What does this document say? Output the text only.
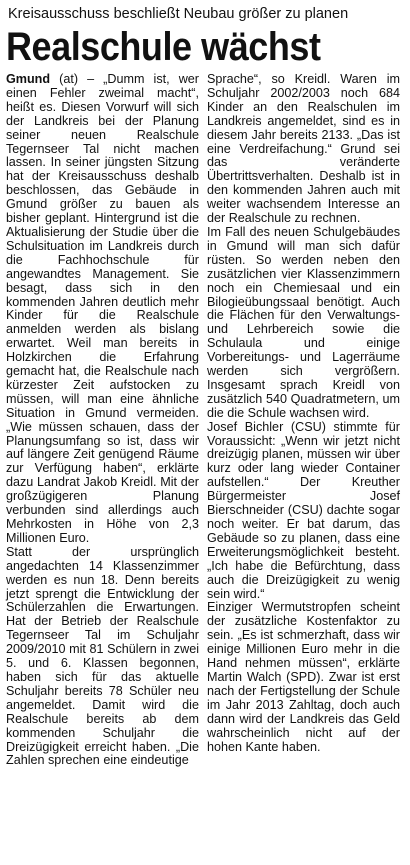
Kreisausschuss beschließt Neubau größer zu planen
Realschule wächst

Gmund (at) – „Dumm ist, wer einen Fehler zweimal macht“, heißt es. Diesen Vorwurf will sich der Landkreis bei der Planung seiner neuen Realschule Tegernseer Tal nicht machen lassen. In seiner jüngsten Sitzung hat der Kreisausschuss deshalb beschlossen, das Gebäude in Gmund größer zu bauen als bisher geplant. Hintergrund ist die Aktualisierung der Studie über die Schulsituation im Landkreis durch die Fachhochschule für angewandtes Management. Sie besagt, dass sich in den kommenden Jahren deutlich mehr Kinder für die Realschule anmelden werden als bislang erwartet. Weil man bereits in Holzkirchen die Erfahrung gemacht hat, die Realschule nach kürzester Zeit aufstocken zu müssen, will man eine ähnliche Situation in Gmund vermeiden. „Wie müssen schauen, dass der Planungsumfang so ist, dass wir auf längere Zeit genügend Räume zur Verfügung haben“, erklärte dazu Landrat Jakob Kreidl. Mit der großzügigeren Planung verbunden sind allerdings auch Mehrkosten in Höhe von 2,3 Millionen Euro.

Statt der ursprünglich angedachten 14 Klassenzimmer werden es nun 18. Denn bereits jetzt sprengt die Entwicklung der Schülerzahlen die Erwartungen. Hat der Betrieb der Realschule Tegernseer Tal im Schuljahr 2009/2010 mit 81 Schülern in zwei 5. und 6. Klassen begonnen, haben sich für das aktuelle Schuljahr bereits 78 Schüler neu angemeldet. Damit wird die Realschule bereits ab dem kommenden Schuljahr die Dreizügigkeit erreicht haben. „Die Zahlen sprechen eine eindeutige

Sprache“, so Kreidl. Waren im Schuljahr 2002/2003 noch 684 Kinder an den Realschulen im Landkreis angemeldet, sind es in diesem Jahr bereits 2133. „Das ist eine Verdreifachung.“ Grund sei das veränderte Übertrittsverhalten. Deshalb ist in den kommenden Jahren auch mit weiter wachsendem Interesse an der Realschule zu rechnen.

Im Fall des neuen Schulgebäudes in Gmund will man sich dafür rüsten. So werden neben den zusätzlichen vier Klassenzimmern noch ein Chemiesaal und ein Bilogieübungssaal benötigt. Auch die Flächen für den Verwaltungs- und Lehrbereich sowie die Schulaula und einige Vorbereitungs- und Lagerräume werden sich vergrößern. Insgesamt sprach Kreidl von zusätzlich 540 Quadratmetern, um die die Schule wachsen wird.

Josef Bichler (CSU) stimmte für Voraussicht: „Wenn wir jetzt nicht dreizügig planen, müssen wir über kurz oder lang wieder Container aufstellen.“ Der Kreuther Bürgermeister Josef Bierschneider (CSU) dachte sogar noch weiter. Er bat darum, das Gebäude so zu planen, dass eine Erweiterungsmöglichkeit besteht. „Ich habe die Befürchtung, dass auch die Dreizügigkeit zu wenig sein wird.“

Einziger Wermutstropfen scheint der zusätzliche Kostenfaktor zu sein. „Es ist schmerzhaft, dass wir einige Millionen Euro mehr in die Hand nehmen müssen“, erklärte Martin Walch (SPD). Zwar ist erst nach der Fertigstellung der Schule im Jahr 2013 Zahltag, doch auch dann wird der Landkreis das Geld wahrscheinlich nicht auf der hohen Kante haben.
